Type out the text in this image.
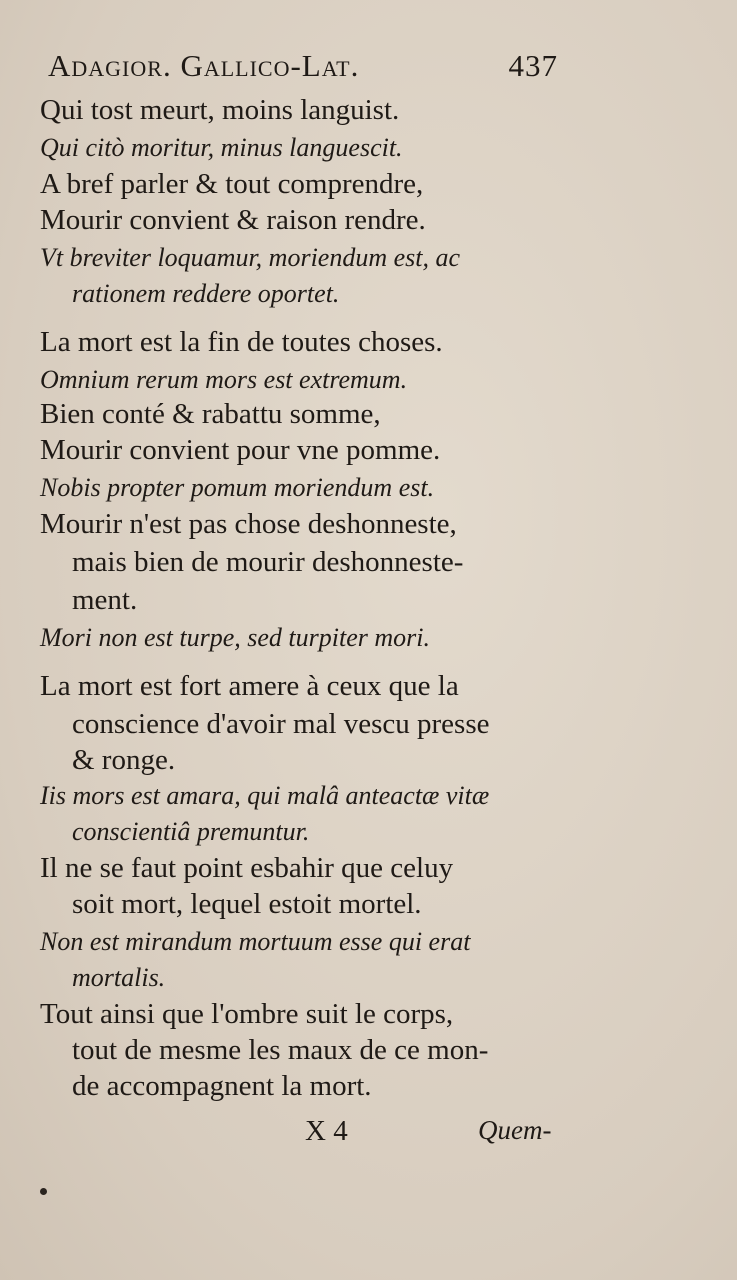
Adagior. Gallico-Lat.	437
Qui tost meurt, moins languist.
Qui citò moritur, minus languescit.
A bref parler & tout comprendre,
Mourir convient & raison rendre.
Vt breviter loquamur, moriendum est, ac
rationem reddere oportet.
La mort est la fin de toutes choses.
Omnium rerum mors est extremum.
Bien conté & rabattu somme,
Mourir convient pour vne pomme.
Nobis propter pomum moriendum est.
Mourir n'est pas chose deshonneste,
mais bien de mourir deshonneste-
ment.
Mori non est turpe, sed turpiter mori.
La mort est fort amere à ceux que la
conscience d'avoir mal vescu presse
& ronge.
Iis mors est amara, qui malâ anteactæ vitæ
conscientiâ premuntur.
Il ne se faut point esbahir que celuy
soit mort, lequel estoit mortel.
Non est mirandum mortuum esse qui erat
mortalis.
Tout ainsi que l'ombre suit le corps,
tout de mesme les maux de ce mon-
de accompagnent la mort.
X 4	Quem-
